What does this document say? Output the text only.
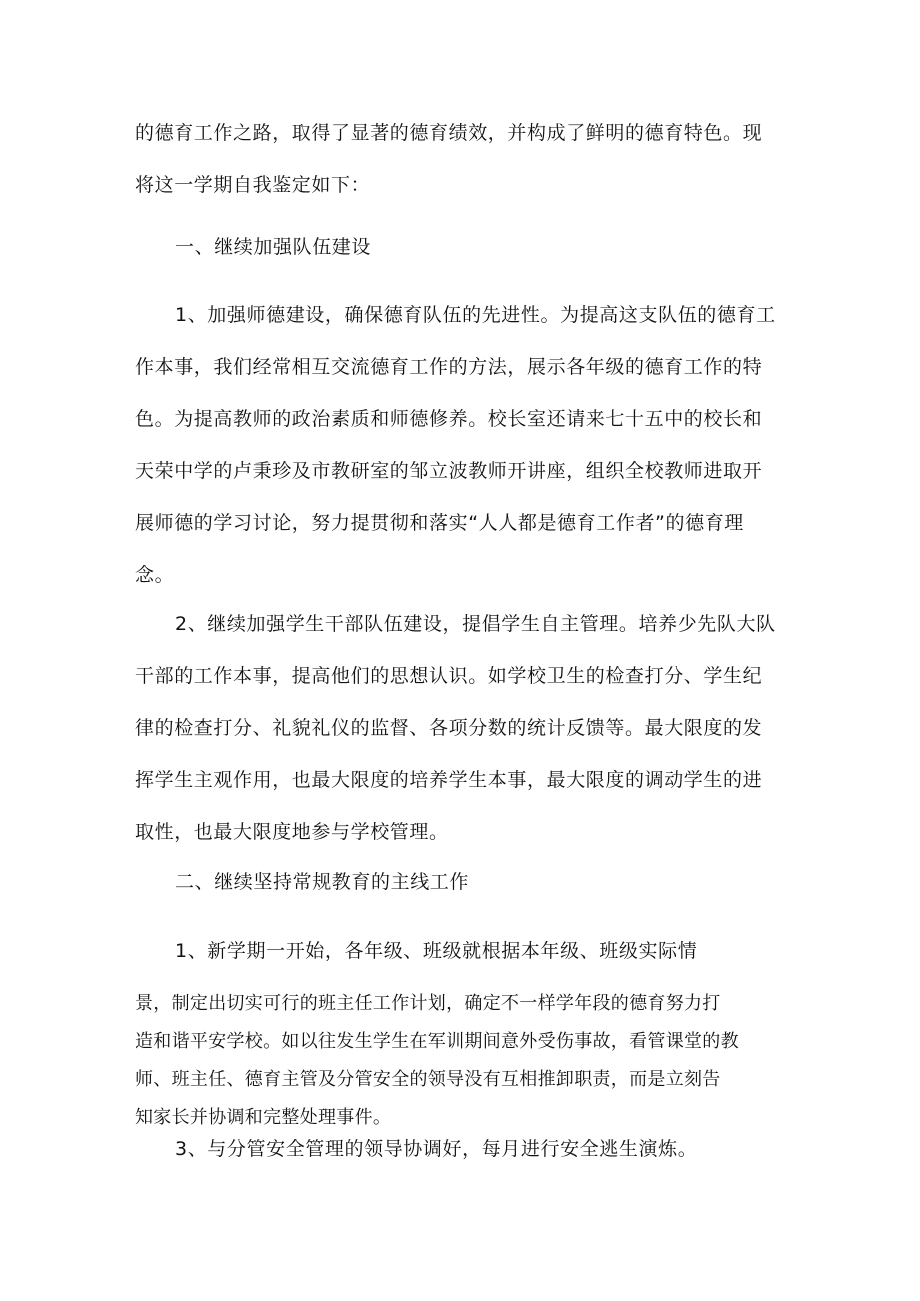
的德育工作之路，取得了显著的德育绩效，并构成了鲜明的德育特色。现
将这一学期自我鉴定如下：
一、继续加强队伍建设
1、加强师德建设，确保德育队伍的先进性。为提高这支队伍的德育工
作本事，我们经常相互交流德育工作的方法，展示各年级的德育工作的特
色。为提高教师的政治素质和师德修养。校长室还请来七十五中的校长和
天荣中学的卢秉珍及市教研室的邹立波教师开讲座，组织全校教师进取开
展师德的学习讨论，努力提贯彻和落实“人人都是德育工作者”的德育理
念。
2、继续加强学生干部队伍建设，提倡学生自主管理。培养少先队大队
干部的工作本事，提高他们的思想认识。如学校卫生的检查打分、学生纪
律的检查打分、礼貌礼仪的监督、各项分数的统计反馈等。最大限度的发
挥学生主观作用，也最大限度的培养学生本事，最大限度的调动学生的进
取性，也最大限度地参与学校管理。
二、继续坚持常规教育的主线工作
1、新学期一开始，各年级、班级就根据本年级、班级实际情
景，制定出切实可行的班主任工作计划，确定不一样学年段的德育努力打
造和谐平安学校。如以往发生学生在军训期间意外受伤事故，看管课堂的教
师、班主任、德育主管及分管安全的领导没有互相推卸职责，而是立刻告
知家长并协调和完整处理事件。
3、与分管安全管理的领导协调好，每月进行安全逃生演炼。
